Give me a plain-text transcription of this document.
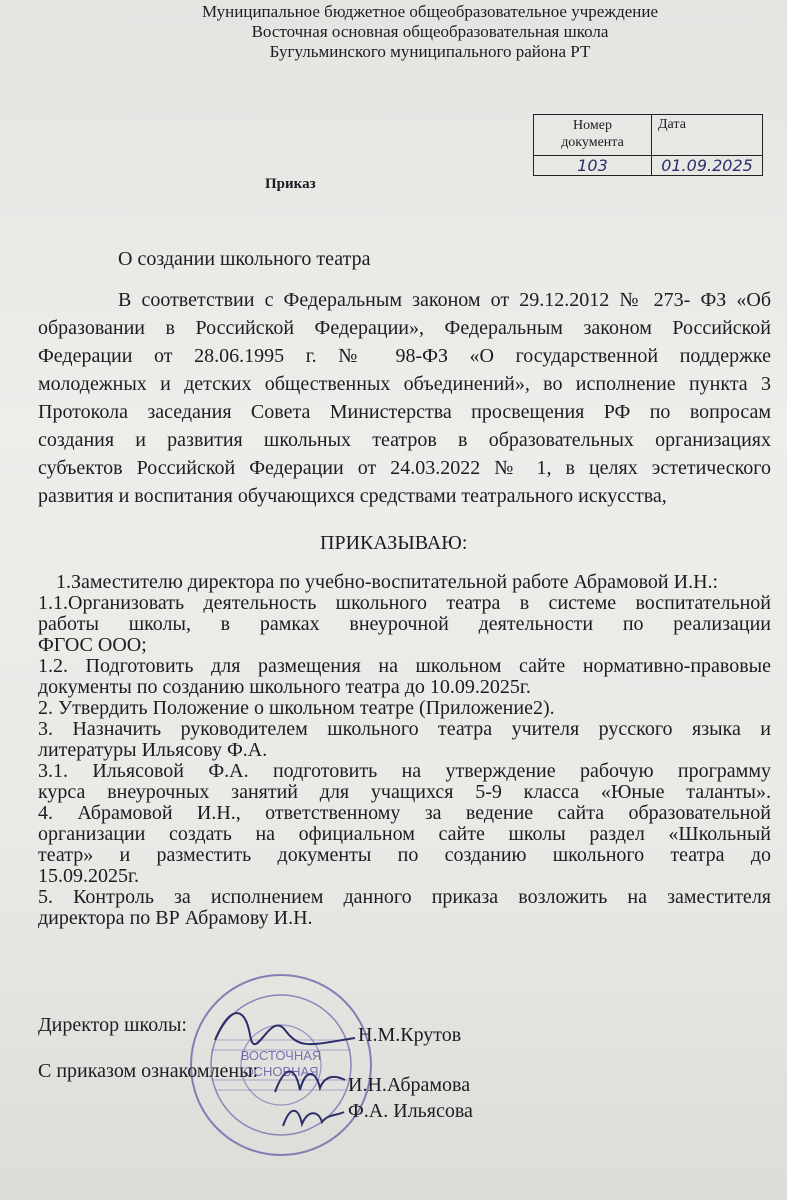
Муниципальное бюджетное общеобразовательное учреждение
Восточная основная общеобразовательная школа
Бугульминского муниципального района РТ
Номер
документа	Дата
103	01.09.2025
Приказ
О создании школьного театра
В соответствии с Федеральным законом от 29.12.2012 № 273- ФЗ «Об
образовании в Российской Федерации», Федеральным законом Российской
Федерации от 28.06.1995 г. № 98-ФЗ «О государственной поддержке
молодежных и детских общественных объединений», во исполнение пункта 3
Протокола заседания Совета Министерства просвещения РФ по вопросам
создания и развития школьных театров в образовательных организациях
субъектов Российской Федерации от 24.03.2022 № 1, в целях эстетического
развития и воспитания обучающихся средствами театрального искусства,
ПРИКАЗЫВАЮ:
1.Заместителю директора по учебно-воспитательной работе Абрамовой И.Н.:
1.1.Организовать деятельность школьного театра в системе воспитательной
работы школы, в рамках внеурочной деятельности по реализации
ФГОС ООО;
1.2. Подготовить для размещения на школьном сайте нормативно-правовые
документы по созданию школьного театра до 10.09.2025г.
2. Утвердить Положение о школьном театре (Приложение2).
3. Назначить руководителем школьного театра учителя русского языка и
литературы Ильясову Ф.А.
3.1. Ильясовой Ф.А. подготовить на утверждение рабочую программу
курса внеурочных занятий для учащихся 5-9 класса «Юные таланты».
4. Абрамовой И.Н., ответственному за ведение сайта образовательной
организации создать на официальном сайте школы раздел «Школьный
театр» и разместить документы по созданию школьного театра до
15.09.2025г.
5. Контроль за исполнением данного приказа возложить на заместителя
директора по ВР Абрамову И.Н.
ВОСТОЧНАЯ
ОСНОВНАЯ
Директор школы:	Н.М.Крутов
С приказом ознакомлены:
И.Н.Абрамова
Ф.А. Ильясова
